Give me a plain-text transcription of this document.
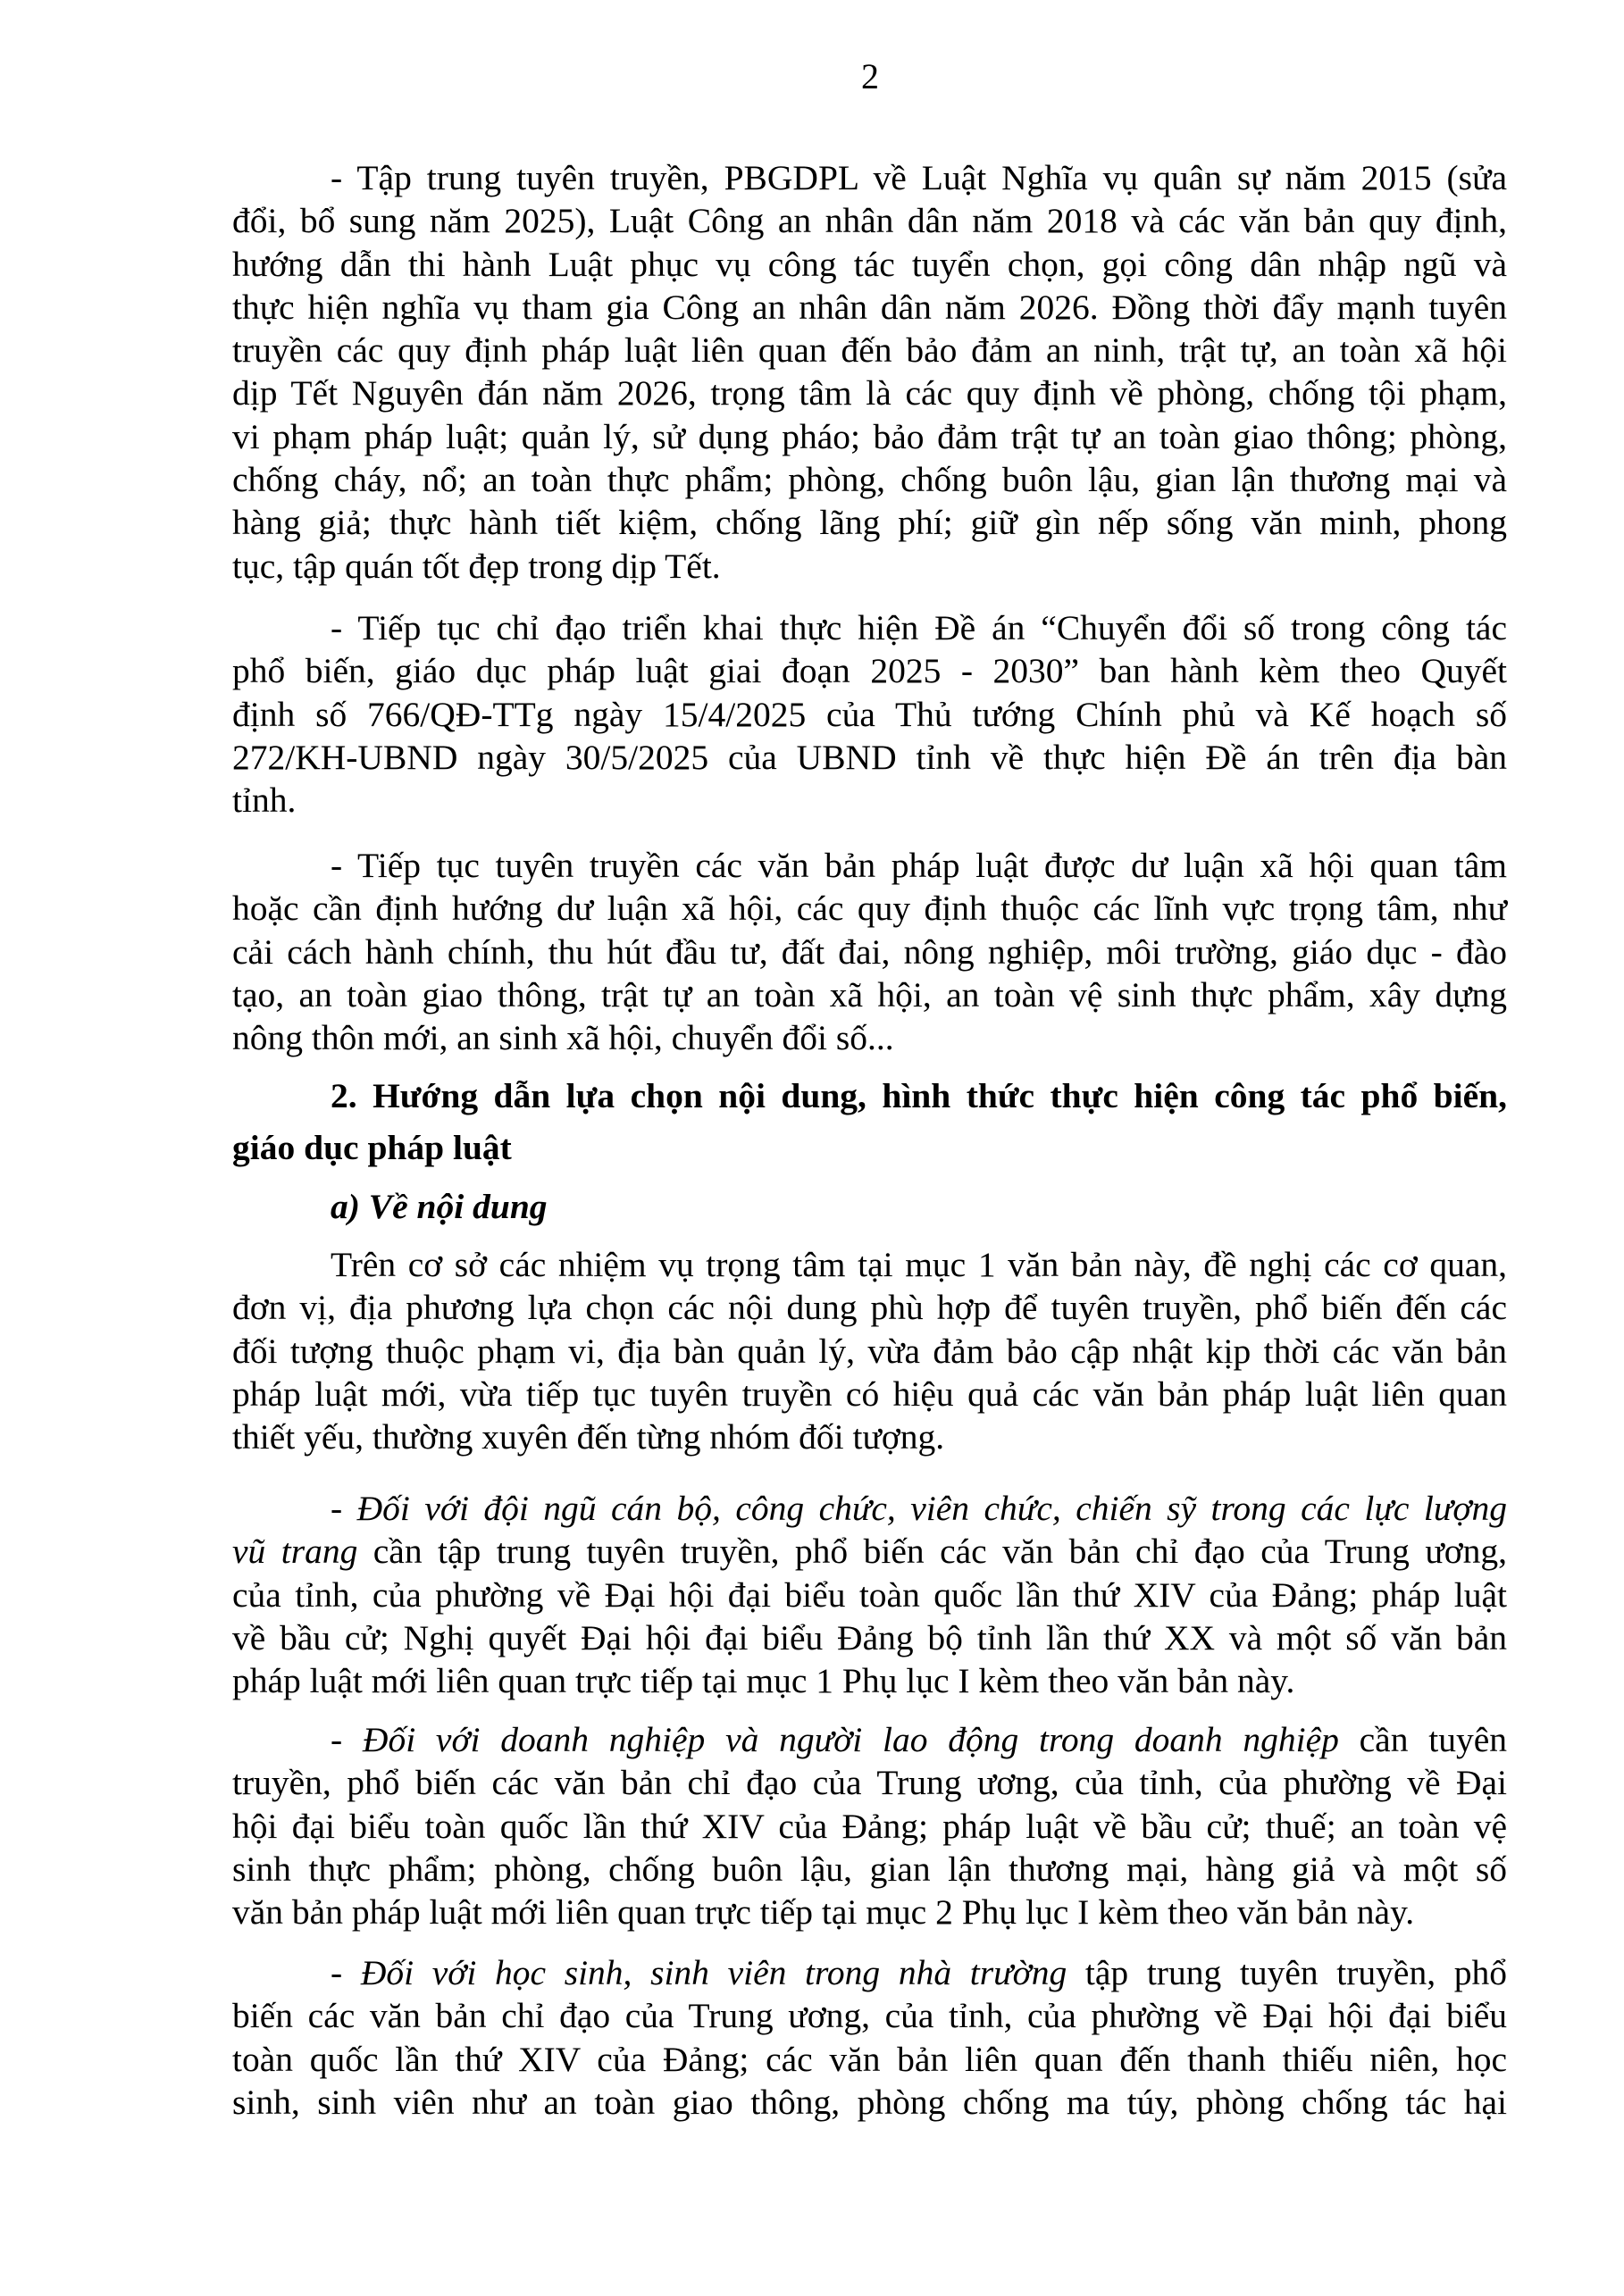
2
- Tập trung tuyên truyền, PBGDPL về Luật Nghĩa vụ quân sự năm 2015 (sửa
đổi, bổ sung năm 2025), Luật Công an nhân dân năm 2018 và các văn bản quy định,
hướng dẫn thi hành Luật phục vụ công tác tuyển chọn, gọi công dân nhập ngũ và
thực hiện nghĩa vụ tham gia Công an nhân dân năm 2026. Đồng thời đẩy mạnh tuyên
truyền các quy định pháp luật liên quan đến bảo đảm an ninh, trật tự, an toàn xã hội
dịp Tết Nguyên đán năm 2026, trọng tâm là các quy định về phòng, chống tội phạm,
vi phạm pháp luật; quản lý, sử dụng pháo; bảo đảm trật tự an toàn giao thông; phòng,
chống cháy, nổ; an toàn thực phẩm; phòng, chống buôn lậu, gian lận thương mại và
hàng giả; thực hành tiết kiệm, chống lãng phí; giữ gìn nếp sống văn minh, phong
tục, tập quán tốt đẹp trong dịp Tết.
- Tiếp tục chỉ đạo triển khai thực hiện Đề án “Chuyển đổi số trong công tác
phổ biến, giáo dục pháp luật giai đoạn 2025 - 2030” ban hành kèm theo Quyết
định số 766/QĐ-TTg ngày 15/4/2025 của Thủ tướng Chính phủ và Kế hoạch số
272/KH-UBND ngày 30/5/2025 của UBND tỉnh về thực hiện Đề án trên địa bàn
tỉnh.
- Tiếp tục tuyên truyền các văn bản pháp luật được dư luận xã hội quan tâm
hoặc cần định hướng dư luận xã hội, các quy định thuộc các lĩnh vực trọng tâm, như
cải cách hành chính, thu hút đầu tư, đất đai, nông nghiệp, môi trường, giáo dục - đào
tạo, an toàn giao thông, trật tự an toàn xã hội, an toàn vệ sinh thực phẩm, xây dựng
nông thôn mới, an sinh xã hội, chuyển đổi số...
2. Hướng dẫn lựa chọn nội dung, hình thức thực hiện công tác phổ biến,
giáo dục pháp luật
a) Về nội dung
Trên cơ sở các nhiệm vụ trọng tâm tại mục 1 văn bản này, đề nghị các cơ quan,
đơn vị, địa phương lựa chọn các nội dung phù hợp để tuyên truyền, phổ biến đến các
đối tượng thuộc phạm vi, địa bàn quản lý, vừa đảm bảo cập nhật kịp thời các văn bản
pháp luật mới, vừa tiếp tục tuyên truyền có hiệu quả các văn bản pháp luật liên quan
thiết yếu, thường xuyên đến từng nhóm đối tượng.
- Đối với đội ngũ cán bộ, công chức, viên chức, chiến sỹ trong các lực lượng
vũ trang cần tập trung tuyên truyền, phổ biến các văn bản chỉ đạo của Trung ương,
của tỉnh, của phường về Đại hội đại biểu toàn quốc lần thứ XIV của Đảng; pháp luật
về bầu cử; Nghị quyết Đại hội đại biểu Đảng bộ tỉnh lần thứ XX và một số văn bản
pháp luật mới liên quan trực tiếp tại mục 1 Phụ lục I kèm theo văn bản này.
- Đối với doanh nghiệp và người lao động trong doanh nghiệp cần tuyên
truyền, phổ biến các văn bản chỉ đạo của Trung ương, của tỉnh, của phường về Đại
hội đại biểu toàn quốc lần thứ XIV của Đảng; pháp luật về bầu cử; thuế; an toàn vệ
sinh thực phẩm; phòng, chống buôn lậu, gian lận thương mại, hàng giả và một số
văn bản pháp luật mới liên quan trực tiếp tại mục 2 Phụ lục I kèm theo văn bản này.
- Đối với học sinh, sinh viên trong nhà trường tập trung tuyên truyền, phổ
biến các văn bản chỉ đạo của Trung ương, của tỉnh, của phường về Đại hội đại biểu
toàn quốc lần thứ XIV của Đảng; các văn bản liên quan đến thanh thiếu niên, học
sinh, sinh viên như an toàn giao thông, phòng chống ma túy, phòng chống tác hại
